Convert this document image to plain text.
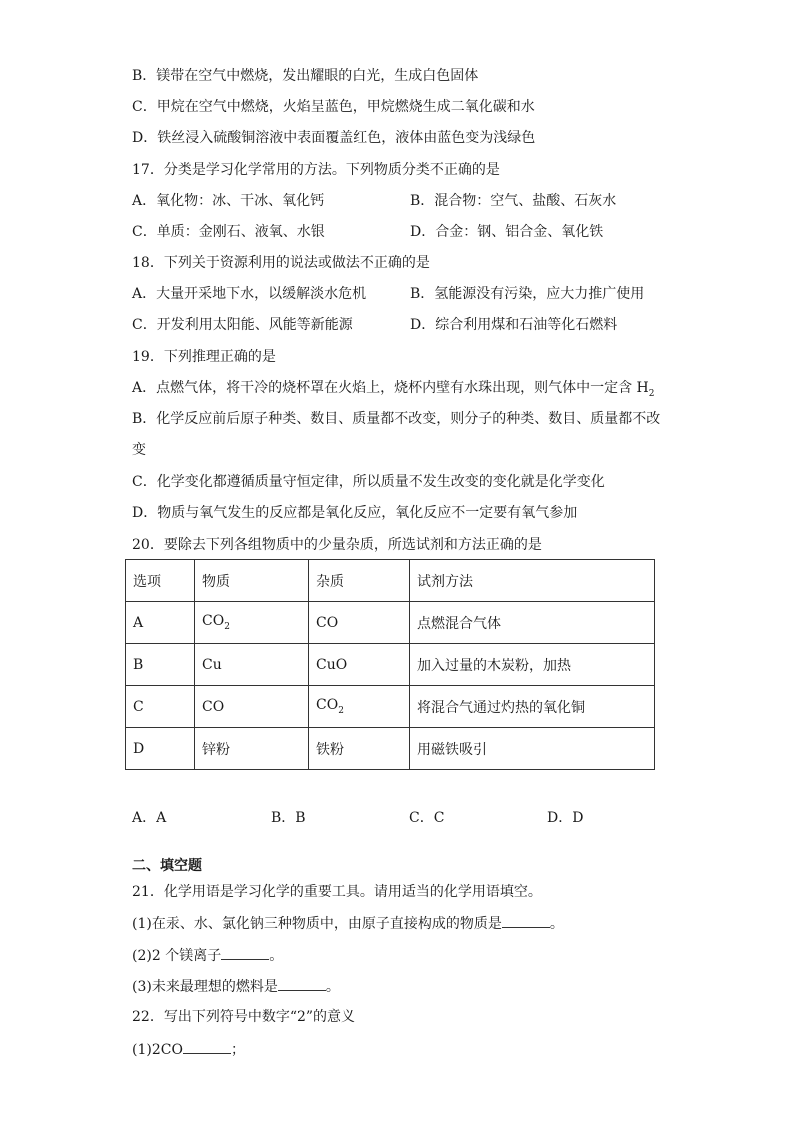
B．镁带在空气中燃烧，发出耀眼的白光，生成白色固体
C．甲烷在空气中燃烧，火焰呈蓝色，甲烷燃烧生成二氧化碳和水
D．铁丝浸入硫酸铜溶液中表面覆盖红色，液体由蓝色变为浅绿色
17．分类是学习化学常用的方法。下列物质分类不正确的是
A．氧化物：冰、干冰、氧化钙	B．混合物：空气、盐酸、石灰水
C．单质：金刚石、液氧、水银	D．合金：钢、铝合金、氧化铁
18．下列关于资源利用的说法或做法不正确的是
A．大量开采地下水，以缓解淡水危机	B．氢能源没有污染，应大力推广使用
C．开发利用太阳能、风能等新能源	D．综合利用煤和石油等化石燃料
19．下列推理正确的是
A．点燃气体，将干冷的烧杯罩在火焰上，烧杯内壁有水珠出现，则气体中一定含 $H_2$
B．化学反应前后原子种类、数目、质量都不改变，则分子的种类、数目、质量都不改
变
C．化学变化都遵循质量守恒定律，所以质量不发生改变的变化就是化学变化
D．物质与氧气发生的反应都是氧化反应，氧化反应不一定要有氧气参加
20．要除去下列各组物质中的少量杂质，所选试剂和方法正确的是
选项	物质	杂质	试剂方法
A	$CO_2$	CO	点燃混合气体
B	Cu	CuO	加入过量的木炭粉，加热
C	CO	$CO_2$	将混合气通过灼热的氧化铜
D	锌粉	铁粉	用磁铁吸引
A．A	B．B	C．C	D．D
二、填空题
21．化学用语是学习化学的重要工具。请用适当的化学用语填空。
(1)在汞、水、氯化钠三种物质中，由原子直接构成的物质是	。
(2)2 个镁离子	。
(3)未来最理想的燃料是	。
22．写出下列符号中数字“2”的意义
(1)2CO	；
